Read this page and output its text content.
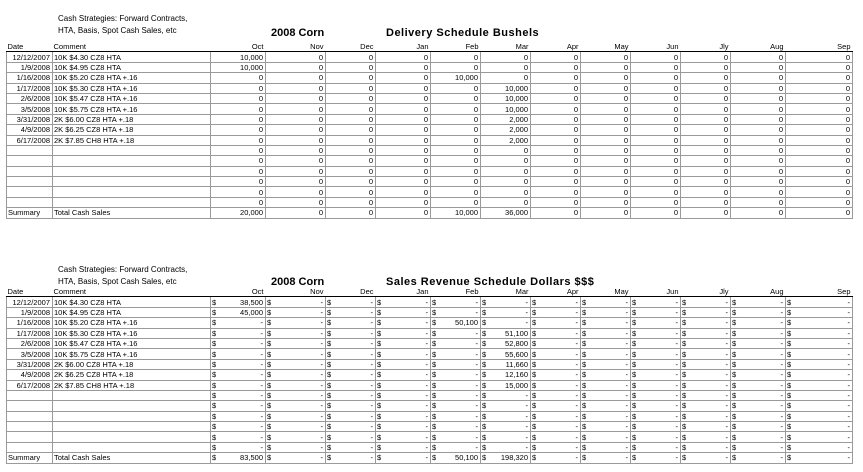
Cash Strategies: Forward Contracts,
HTA, Basis, Spot Cash Sales, etc	2008 Corn	Delivery Schedule Bushels
Date	Comment	Oct	Nov	Dec	Jan	Feb	Mar	Apr	May	Jun	Jly	Aug	Sep
12/12/2007	10K $4.30 CZ8 HTA	10,000	0	0	0	0	0	0	0	0	0	0	0
1/9/2008	10K $4.95 CZ8 HTA	10,000	0	0	0	0	0	0	0	0	0	0	0
1/16/2008	10K $5.20 CZ8 HTA +.16	0	0	0	0	10,000	0	0	0	0	0	0	0
1/17/2008	10K $5.30 CZ8 HTA +.16	0	0	0	0	0	10,000	0	0	0	0	0	0
2/6/2008	10K $5.47 CZ8 HTA +.16	0	0	0	0	0	10,000	0	0	0	0	0	0
3/5/2008	10K $5.75 CZ8 HTA +.16	0	0	0	0	0	10,000	0	0	0	0	0	0
3/31/2008	2K $6.00 CZ8 HTA +.18	0	0	0	0	0	2,000	0	0	0	0	0	0
4/9/2008	2K $6.25 CZ8 HTA +.18	0	0	0	0	0	2,000	0	0	0	0	0	0
6/17/2008	2K $7.85 CH8 HTA +.18	0	0	0	0	0	2,000	0	0	0	0	0	0
		0	0	0	0	0	0	0	0	0	0	0	0
		0	0	0	0	0	0	0	0	0	0	0	0
		0	0	0	0	0	0	0	0	0	0	0	0
		0	0	0	0	0	0	0	0	0	0	0	0
		0	0	0	0	0	0	0	0	0	0	0	0
		0	0	0	0	0	0	0	0	0	0	0	0
Summary	Total Cash Sales	20,000	0	0	0	10,000	36,000	0	0	0	0	0	0
Cash Strategies: Forward Contracts,
HTA, Basis, Spot Cash Sales, etc	2008 Corn	Sales Revenue Schedule Dollars $$$
Date	Comment	Oct	Nov	Dec	Jan	Feb	Mar	Apr	May	Jun	Jly	Aug	Sep
12/12/2007	10K $4.30 CZ8 HTA	$ 38,500	$ -	$ -	$ -	$ -	$ -	$ -	$ -	$ -	$ -	$ -	$ -

1/9/2008	10K $4.95 CZ8 HTA	$ 45,000	$ -	$ -	$ -	$ -	$ -	$ -	$ -	$ -	$ -	$ -	$ -

1/16/2008	10K $5.20 CZ8 HTA +.16	$ -	$ -	$ -	$ -	$ 50,100	$ -	$ -	$ -	$ -	$ -	$ -	$ -

1/17/2008	10K $5.30 CZ8 HTA +.16	$ -	$ -	$ -	$ -	$ -	$ 51,100	$ -	$ -	$ -	$ -	$ -	$ -

2/6/2008	10K $5.47 CZ8 HTA +.16	$ -	$ -	$ -	$ -	$ -	$ 52,800	$ -	$ -	$ -	$ -	$ -	$ -

3/5/2008	10K $5.75 CZ8 HTA +.16	$ -	$ -	$ -	$ -	$ -	$ 55,600	$ -	$ -	$ -	$ -	$ -	$ -

3/31/2008	2K $6.00 CZ8 HTA +.18	$ -	$ -	$ -	$ -	$ -	$ 11,660	$ -	$ -	$ -	$ -	$ -	$ -

4/9/2008	2K $6.25 CZ8 HTA +.18	$ -	$ -	$ -	$ -	$ -	$ 12,160	$ -	$ -	$ -	$ -	$ -	$ -

6/17/2008	2K $7.85 CH8 HTA +.18	$ -	$ -	$ -	$ -	$ -	$ 15,000	$ -	$ -	$ -	$ -	$ -	$ -

		$ -	$ -	$ -	$ -	$ -	$ -	$ -	$ -	$ -	$ -	$ -	$ -

		$ -	$ -	$ -	$ -	$ -	$ -	$ -	$ -	$ -	$ -	$ -	$ -

		$ -	$ -	$ -	$ -	$ -	$ -	$ -	$ -	$ -	$ -	$ -	$ -

		$ -	$ -	$ -	$ -	$ -	$ -	$ -	$ -	$ -	$ -	$ -	$ -

		$ -	$ -	$ -	$ -	$ -	$ -	$ -	$ -	$ -	$ -	$ -	$ -

		$ -	$ -	$ -	$ -	$ -	$ -	$ -	$ -	$ -	$ -	$ -	$ -

Summary	Total Cash Sales	$ 83,500	$ -	$ -	$ -	$ 50,100	$ 198,320	$ -	$ -	$ -	$ -	$ -	$ -
